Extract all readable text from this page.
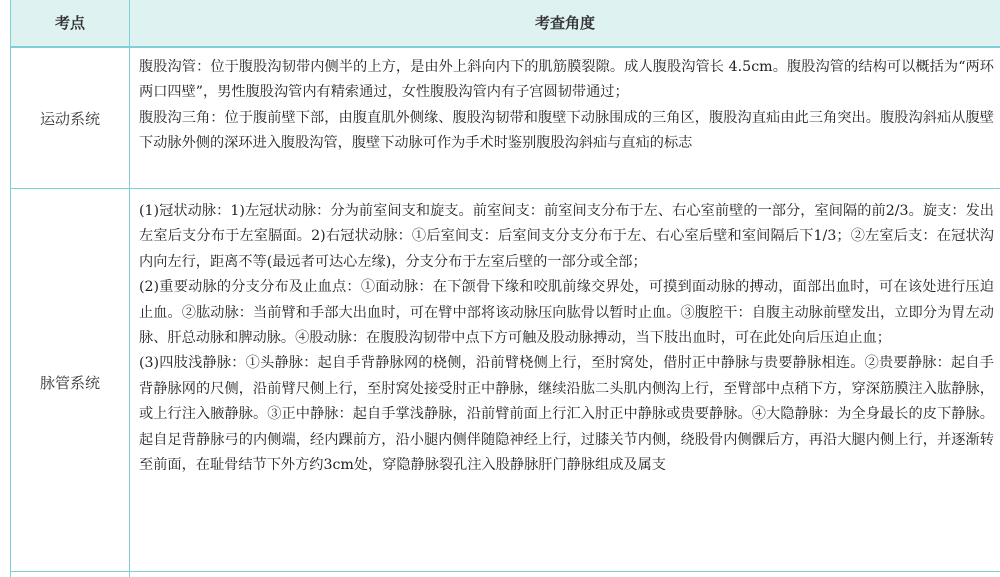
考点	考查角度
运动系统

腹股沟管：位于腹股沟韧带内侧半的上方，是由外上斜向内下的肌筋膜裂隙。成人腹股沟管长 4.5cm。腹股沟管的结构可以概括为“两环两口四壁”，男性腹股沟管内有精索通过，女性腹股沟管内有子宫圆韧带通过；

腹股沟三角：位于腹前壁下部，由腹直肌外侧缘、腹股沟韧带和腹壁下动脉围成的三角区，腹股沟直疝由此三角突出。腹股沟斜疝从腹壁下动脉外侧的深环进入腹股沟管，腹壁下动脉可作为手术时鉴别腹股沟斜疝与直疝的标志

脉管系统

(1)冠状动脉：1)左冠状动脉：分为前室间支和旋支。前室间支：前室间支分布于左、右心室前壁的一部分，室间隔的前2/3。旋支：发出左室后支分布于左室膈面。2)右冠状动脉：①后室间支：后室间支分支分布于左、右心室后壁和室间隔后下1/3；②左室后支：在冠状沟内向左行，距离不等(最远者可达心左缘)，分支分布于左室后壁的一部分或全部；

(2)重要动脉的分支分布及止血点：①面动脉：在下颌骨下缘和咬肌前缘交界处，可摸到面动脉的搏动，面部出血时，可在该处进行压迫止血。②肱动脉：当前臂和手部大出血时，可在臂中部将该动脉压向肱骨以暂时止血。③腹腔干：自腹主动脉前壁发出，立即分为胃左动脉、肝总动脉和脾动脉。④股动脉：在腹股沟韧带中点下方可触及股动脉搏动，当下肢出血时，可在此处向后压迫止血；

(3)四肢浅静脉：①头静脉：起自手背静脉网的桡侧，沿前臂桡侧上行，至肘窝处，借肘正中静脉与贵要静脉相连。②贵要静脉：起自手背静脉网的尺侧，沿前臂尺侧上行，至肘窝处接受肘正中静脉，继续沿肱二头肌内侧沟上行，至臂部中点稍下方，穿深筋膜注入肱静脉，或上行注入腋静脉。③正中静脉：起自手掌浅静脉，沿前臂前面上行汇入肘正中静脉或贵要静脉。④大隐静脉：为全身最长的皮下静脉。起自足背静脉弓的内侧端，经内踝前方，沿小腿内侧伴随隐神经上行，过膝关节内侧，绕股骨内侧髁后方，再沿大腿内侧上行，并逐渐转至前面，在耻骨结节下外方约3cm处，穿隐静脉裂孔注入股静脉肝门静脉组成及属支
